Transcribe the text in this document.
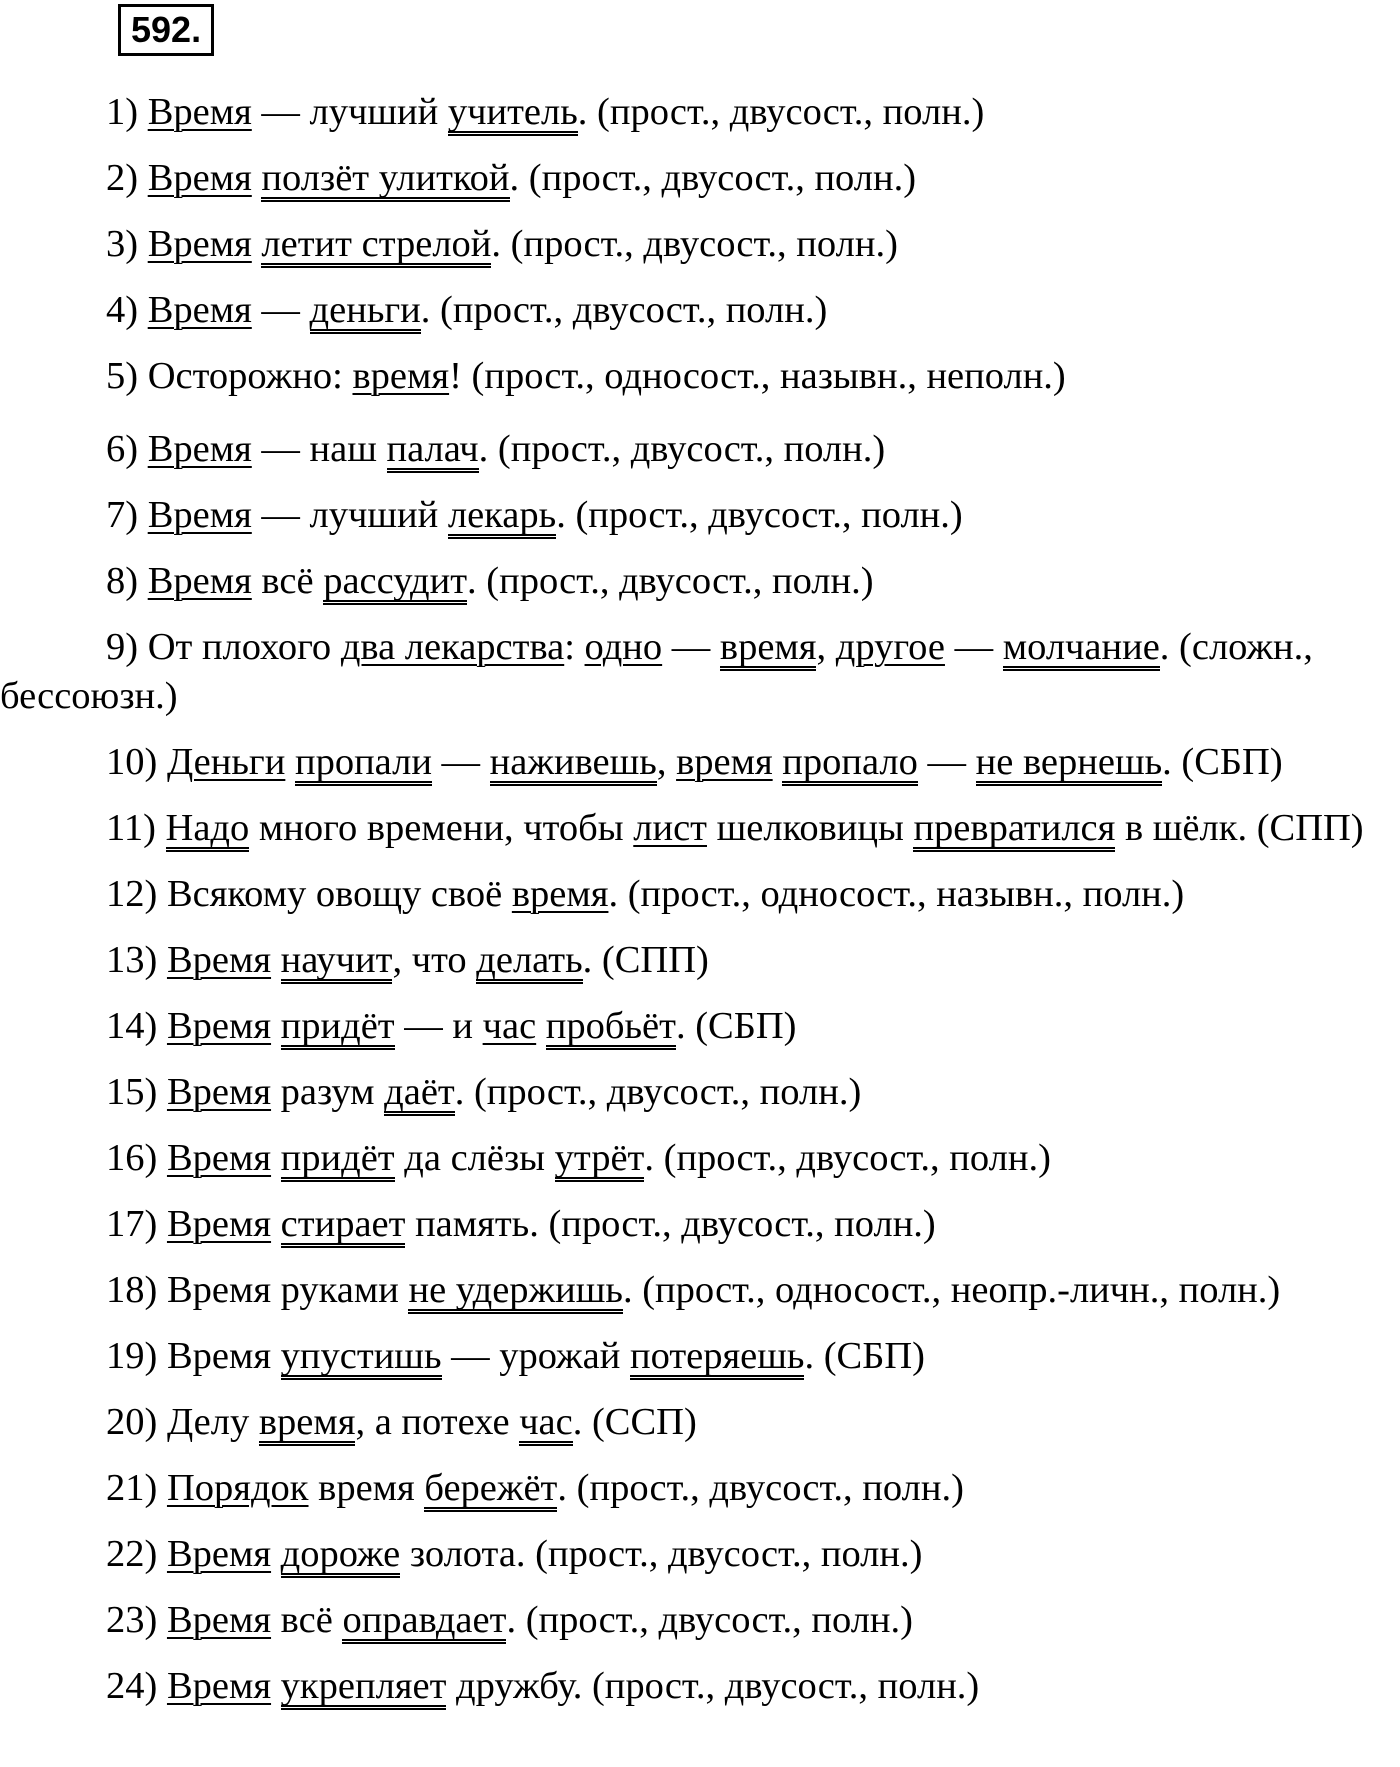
592.
1) Время — лучший учитель. (прост., двусост., полн.)
2) Время ползёт улиткой. (прост., двусост., полн.)
3) Время летит стрелой. (прост., двусост., полн.)
4) Время — деньги. (прост., двусост., полн.)
5) Осторожно: время! (прост., односост., назывн., неполн.)
6) Время — наш палач. (прост., двусост., полн.)
7) Время — лучший лекарь. (прост., двусост., полн.)
8) Время всё рассудит. (прост., двусост., полн.)
9) От плохого два лекарства: одно — время, другое — молчание. (сложн., бессоюзн.)
10) Деньги пропали — наживешь, время пропало — не вернешь. (СБП)
11) Надо много времени, чтобы лист шелковицы превратился в шёлк. (СПП)
12) Всякому овощу своё время. (прост., односост., назывн., полн.)
13) Время научит, что делать. (СПП)
14) Время придёт — и час пробьёт. (СБП)
15) Время разум даёт. (прост., двусост., полн.)
16) Время придёт да слёзы утрёт. (прост., двусост., полн.)
17) Время стирает память. (прост., двусост., полн.)
18) Время руками не удержишь. (прост., односост., неопр.-личн., полн.)
19) Время упустишь — урожай потеряешь. (СБП)
20) Делу время, а потехе час. (ССП)
21) Порядок время бережёт. (прост., двусост., полн.)
22) Время дороже золота. (прост., двусост., полн.)
23) Время всё оправдает. (прост., двусост., полн.)
24) Время укрепляет дружбу. (прост., двусост., полн.)
